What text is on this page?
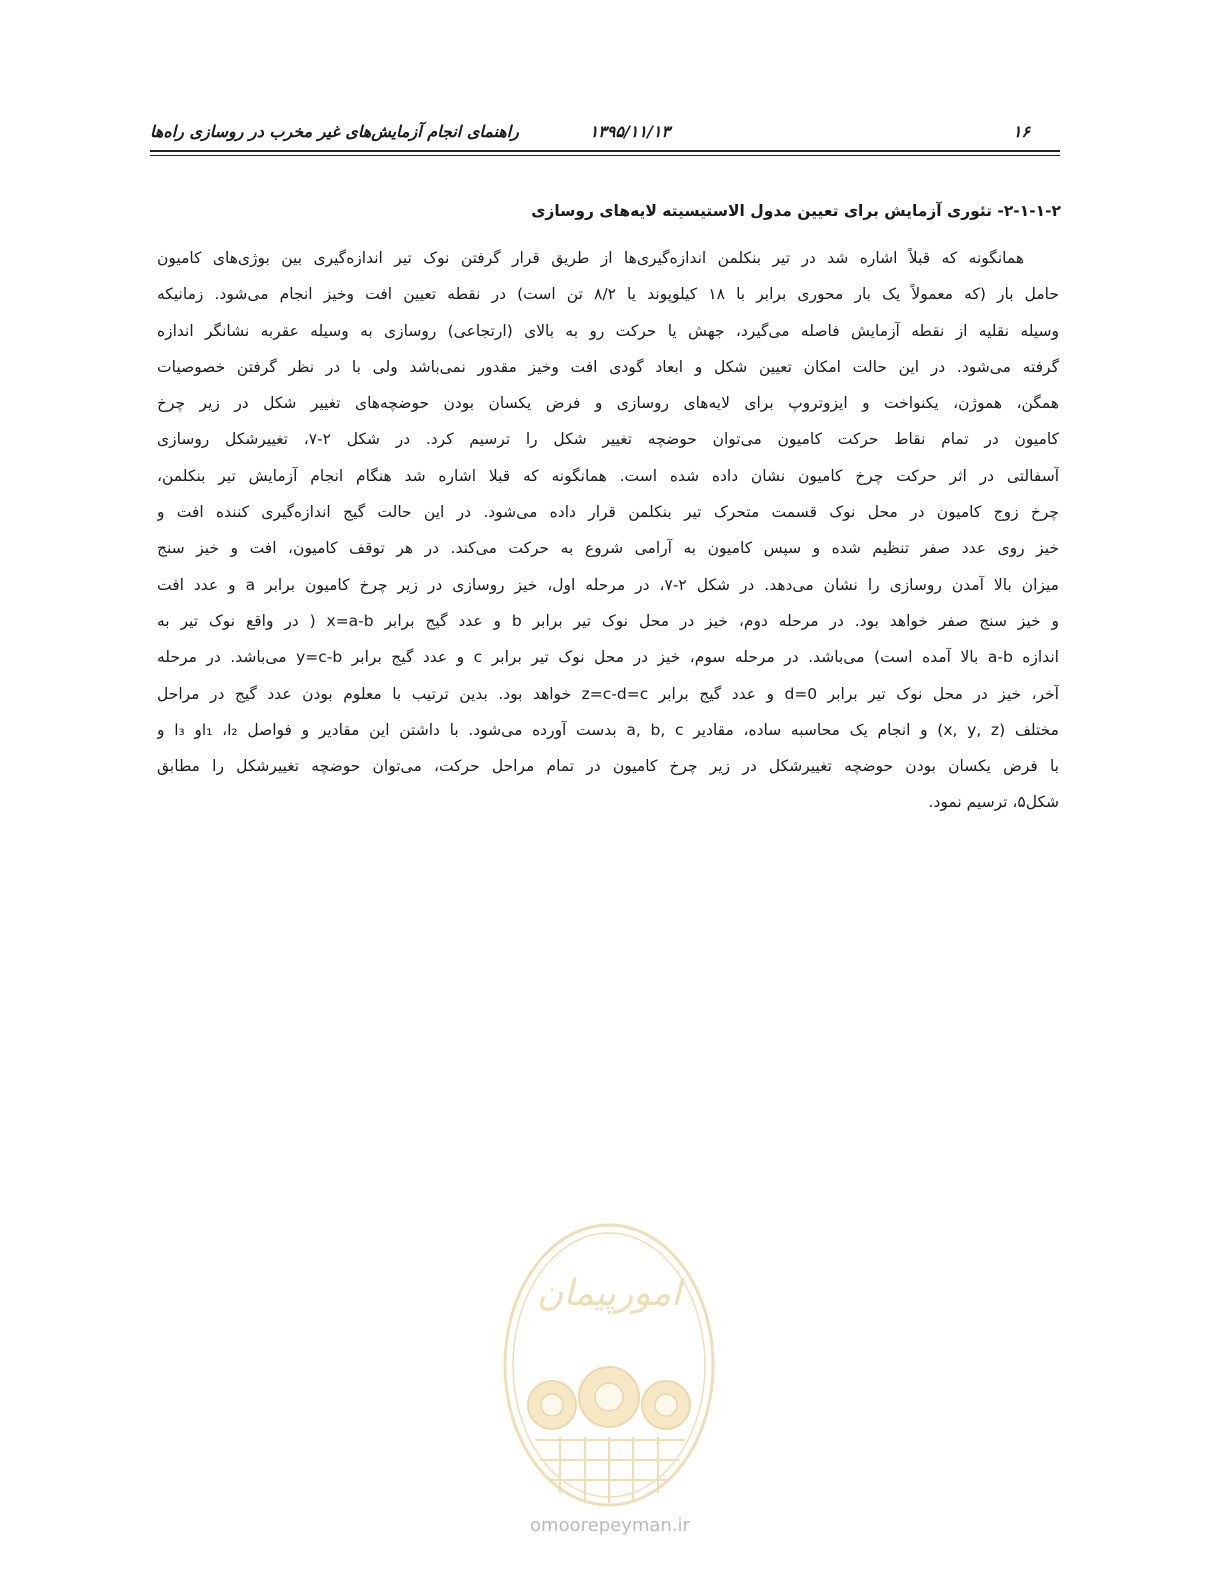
۱۶
۱۳۹۵/۱۱/۱۳
راهنمای انجام آزمایش‌های غیر مخرب در روسازی راه‌ها
۲-۱-۱-۲- تئوری آزمایش برای تعیین مدول الاستیسیته لایه‌های روسازی
همانگونه که قبلاً اشاره شد در تیر بنکلمن اندازه‌گیری‌ها از طریق قرار گرفتن نوک تیر اندازه‌گیری بین بوژی‌های کامیون
حامل بار (که معمولاً یک بار محوری برابر با ۱۸ کیلوپوند یا ۸/۲ تن است) در نقطه تعیین افت وخیز انجام می‌شود. زمانیکه
وسیله نقلیه از نقطه آزمایش فاصله می‌گیرد، جهش یا حرکت رو به بالای (ارتجاعی) روسازی به وسیله عقربه نشانگر اندازه
گرفته می‌شود. در این حالت امکان تعیین شکل و ابعاد گودی افت وخیز مقدور نمی‌باشد ولی با در نظر گرفتن خصوصیات
همگن، هموژن، یکنواخت و ایزوتروپ برای لایه‌های روسازی و فرض یکسان بودن حوضچه‌های تغییر شکل در زیر چرخ
کامیون در تمام نقاط حرکت کامیون می‌توان حوضچه تغییر شکل را ترسیم کرد. در شکل ۲-۷، تغییرشکل روسازی
آسفالتی در اثر حرکت چرخ کامیون نشان داده شده است. همانگونه که قبلا اشاره شد هنگام انجام آزمایش تیر بنکلمن،
چرخ زوج کامیون در محل نوک قسمت متحرک تیر بنکلمن قرار داده می‌شود. در این حالت گیج اندازه‌گیری کننده افت و
خیز روی عدد صفر تنظیم شده و سپس کامیون به آرامی شروع به حرکت می‌کند. در هر توقف کامیون، افت و خیز سنج
میزان بالا آمدن روسازی را نشان می‌دهد. در شکل ۲-۷، در مرحله اول، خیز روسازی در زیر چرخ کامیون برابر a و عدد افت
و خیز سنج صفر خواهد بود. در مرحله دوم، خیز در محل نوک تیر برابر b و عدد گیج برابر x=a-b ( در واقع نوک تیر به
اندازه a-b بالا آمده است) می‌باشد. در مرحله سوم، خیز در محل نوک تیر برابر c و عدد گیج برابر y=c-b می‌باشد. در مرحله
آخر، خیز در محل نوک تیر برابر d=0 و عدد گیج برابر z=c-d=c خواهد بود. بدین ترتیب با معلوم بودن عدد گیج در مراحل
مختلف (x, y, z) و انجام یک محاسبه ساده، مقادیر a, b, c بدست آورده می‌شود. با داشتن این مقادیر و فواصل l₁ ،l₂و l₃ و
با فرض یکسان بودن حوضچه تغییرشکل در زیر چرخ کامیون در تمام مراحل حرکت، می‌توان حوضچه تغییرشکل را مطابق
شکل۵، ترسیم نمود.
امورپیمان
omoorepeyman.ir
